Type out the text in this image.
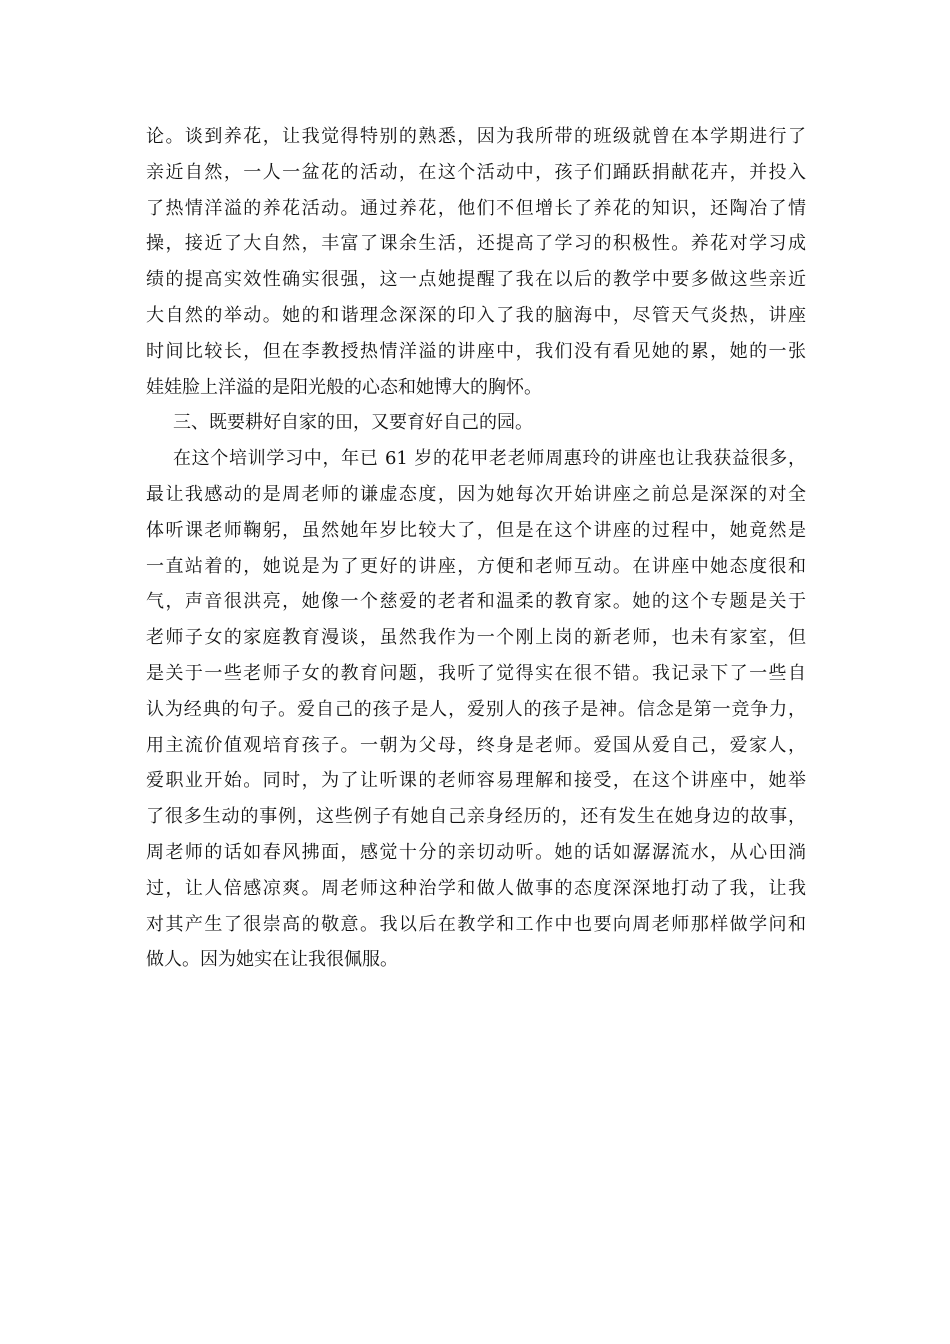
论。谈到养花，让我觉得特别的熟悉，因为我所带的班级就曾在本学期进行了

亲近自然，一人一盆花的活动，在这个活动中，孩子们踊跃捐献花卉，并投入

了热情洋溢的养花活动。通过养花，他们不但增长了养花的知识，还陶冶了情

操，接近了大自然，丰富了课余生活，还提高了学习的积极性。养花对学习成

绩的提高实效性确实很强，这一点她提醒了我在以后的教学中要多做这些亲近

大自然的举动。她的和谐理念深深的印入了我的脑海中，尽管天气炎热，讲座

时间比较长，但在李教授热情洋溢的讲座中，我们没有看见她的累，她的一张

娃娃脸上洋溢的是阳光般的心态和她博大的胸怀。

三、既要耕好自家的田，又要育好自己的园。

在这个培训学习中，年已 61 岁的花甲老老师周惠玲的讲座也让我获益很多，

最让我感动的是周老师的谦虚态度，因为她每次开始讲座之前总是深深的对全

体听课老师鞠躬，虽然她年岁比较大了，但是在这个讲座的过程中，她竟然是

一直站着的，她说是为了更好的讲座，方便和老师互动。在讲座中她态度很和

气，声音很洪亮，她像一个慈爱的老者和温柔的教育家。她的这个专题是关于

老师子女的家庭教育漫谈，虽然我作为一个刚上岗的新老师，也未有家室，但

是关于一些老师子女的教育问题，我听了觉得实在很不错。我记录下了一些自

认为经典的句子。爱自己的孩子是人，爱别人的孩子是神。信念是第一竞争力，

用主流价值观培育孩子。一朝为父母，终身是老师。爱国从爱自己，爱家人，

爱职业开始。同时，为了让听课的老师容易理解和接受，在这个讲座中，她举

了很多生动的事例，这些例子有她自己亲身经历的，还有发生在她身边的故事，

周老师的话如春风拂面，感觉十分的亲切动听。她的话如潺潺流水，从心田淌

过，让人倍感凉爽。周老师这种治学和做人做事的态度深深地打动了我，让我

对其产生了很崇高的敬意。我以后在教学和工作中也要向周老师那样做学问和

做人。因为她实在让我很佩服。
